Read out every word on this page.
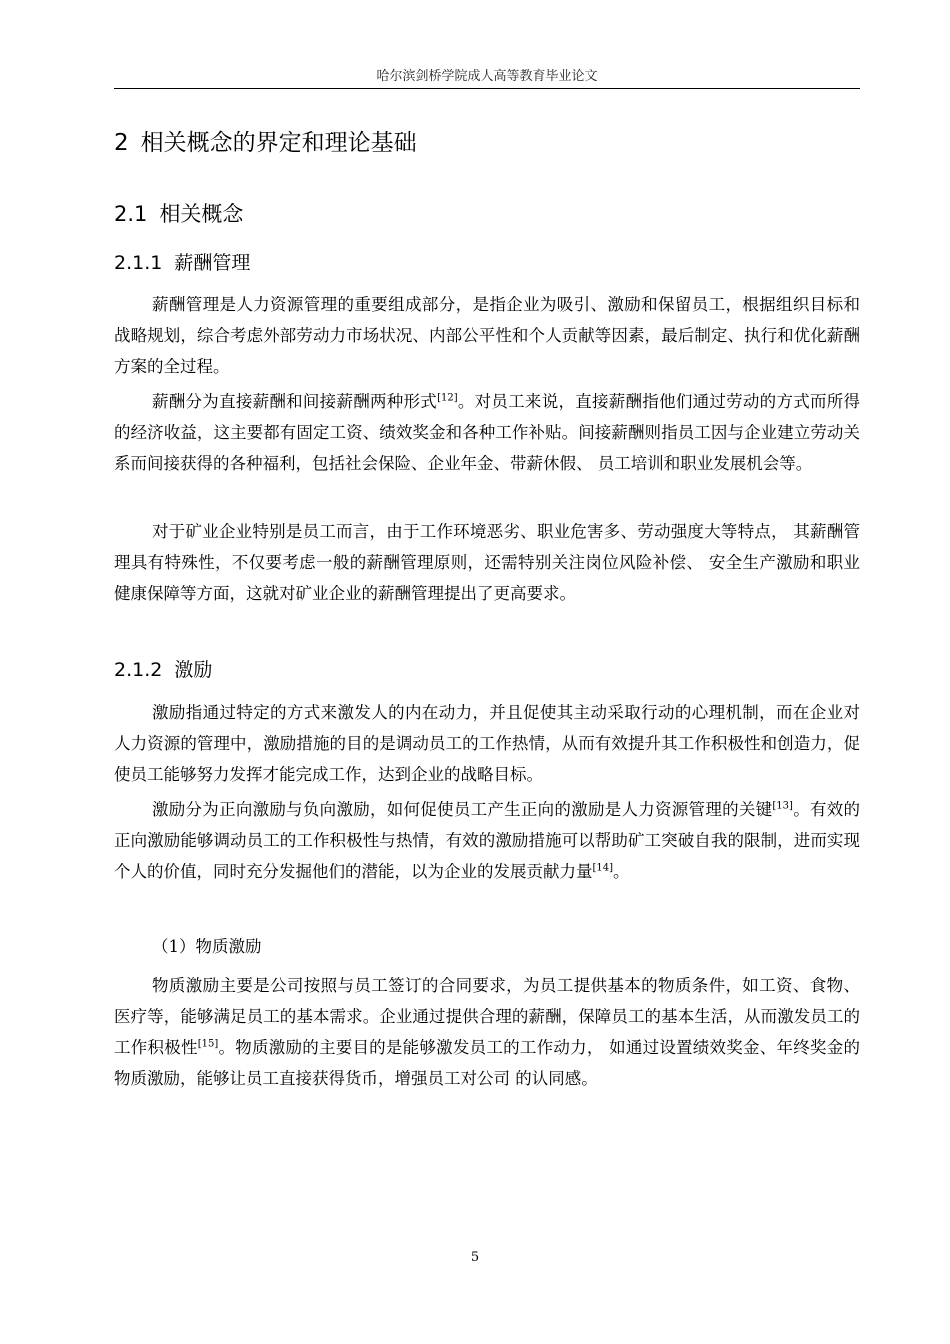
哈尔滨剑桥学院成人高等教育毕业论文
2 相关概念的界定和理论基础
2.1 相关概念
2.1.1 薪酬管理

薪酬管理是人力资源管理的重要组成部分，是指企业为吸引、激励和保留员工，根据组织目标和战略规划，综合考虑外部劳动力市场状况、内部公平性和个人贡献等因素，最后制定、执行和优化薪酬方案的全过程。

薪酬分为直接薪酬和间接薪酬两种形式[12]。对员工来说，直接薪酬指他们通过劳动的方式而所得的经济收益，这主要都有固定工资、绩效奖金和各种工作补贴。间接薪酬则指员工因与企业建立劳动关系而间接获得的各种福利，包括社会保险、企业年金、带薪休假、 员工培训和职业发展机会等。

对于矿业企业特别是员工而言，由于工作环境恶劣、职业危害多、劳动强度大等特点， 其薪酬管理具有特殊性，不仅要考虑一般的薪酬管理原则，还需特别关注岗位风险补偿、 安全生产激励和职业健康保障等方面，这就对矿业企业的薪酬管理提出了更高要求。

2.1.2 激励

激励指通过特定的方式来激发人的内在动力，并且促使其主动采取行动的心理机制，而在企业对人力资源的管理中，激励措施的目的是调动员工的工作热情，从而有效提升其工作积极性和创造力，促使员工能够努力发挥才能完成工作，达到企业的战略目标。

激励分为正向激励与负向激励，如何促使员工产生正向的激励是人力资源管理的关键[13]。有效的正向激励能够调动员工的工作积极性与热情，有效的激励措施可以帮助矿工突破自我的限制，进而实现个人的价值，同时充分发掘他们的潜能，以为企业的发展贡献力量[14]。

（1）物质激励

物质激励主要是公司按照与员工签订的合同要求，为员工提供基本的物质条件，如工资、食物、医疗等，能够满足员工的基本需求。企业通过提供合理的薪酬，保障员工的基本生活，从而激发员工的工作积极性[15]。物质激励的主要目的是能够激发员工的工作动力， 如通过设置绩效奖金、年终奖金的物质激励，能够让员工直接获得货币，增强员工对公司 的认同感。

5
